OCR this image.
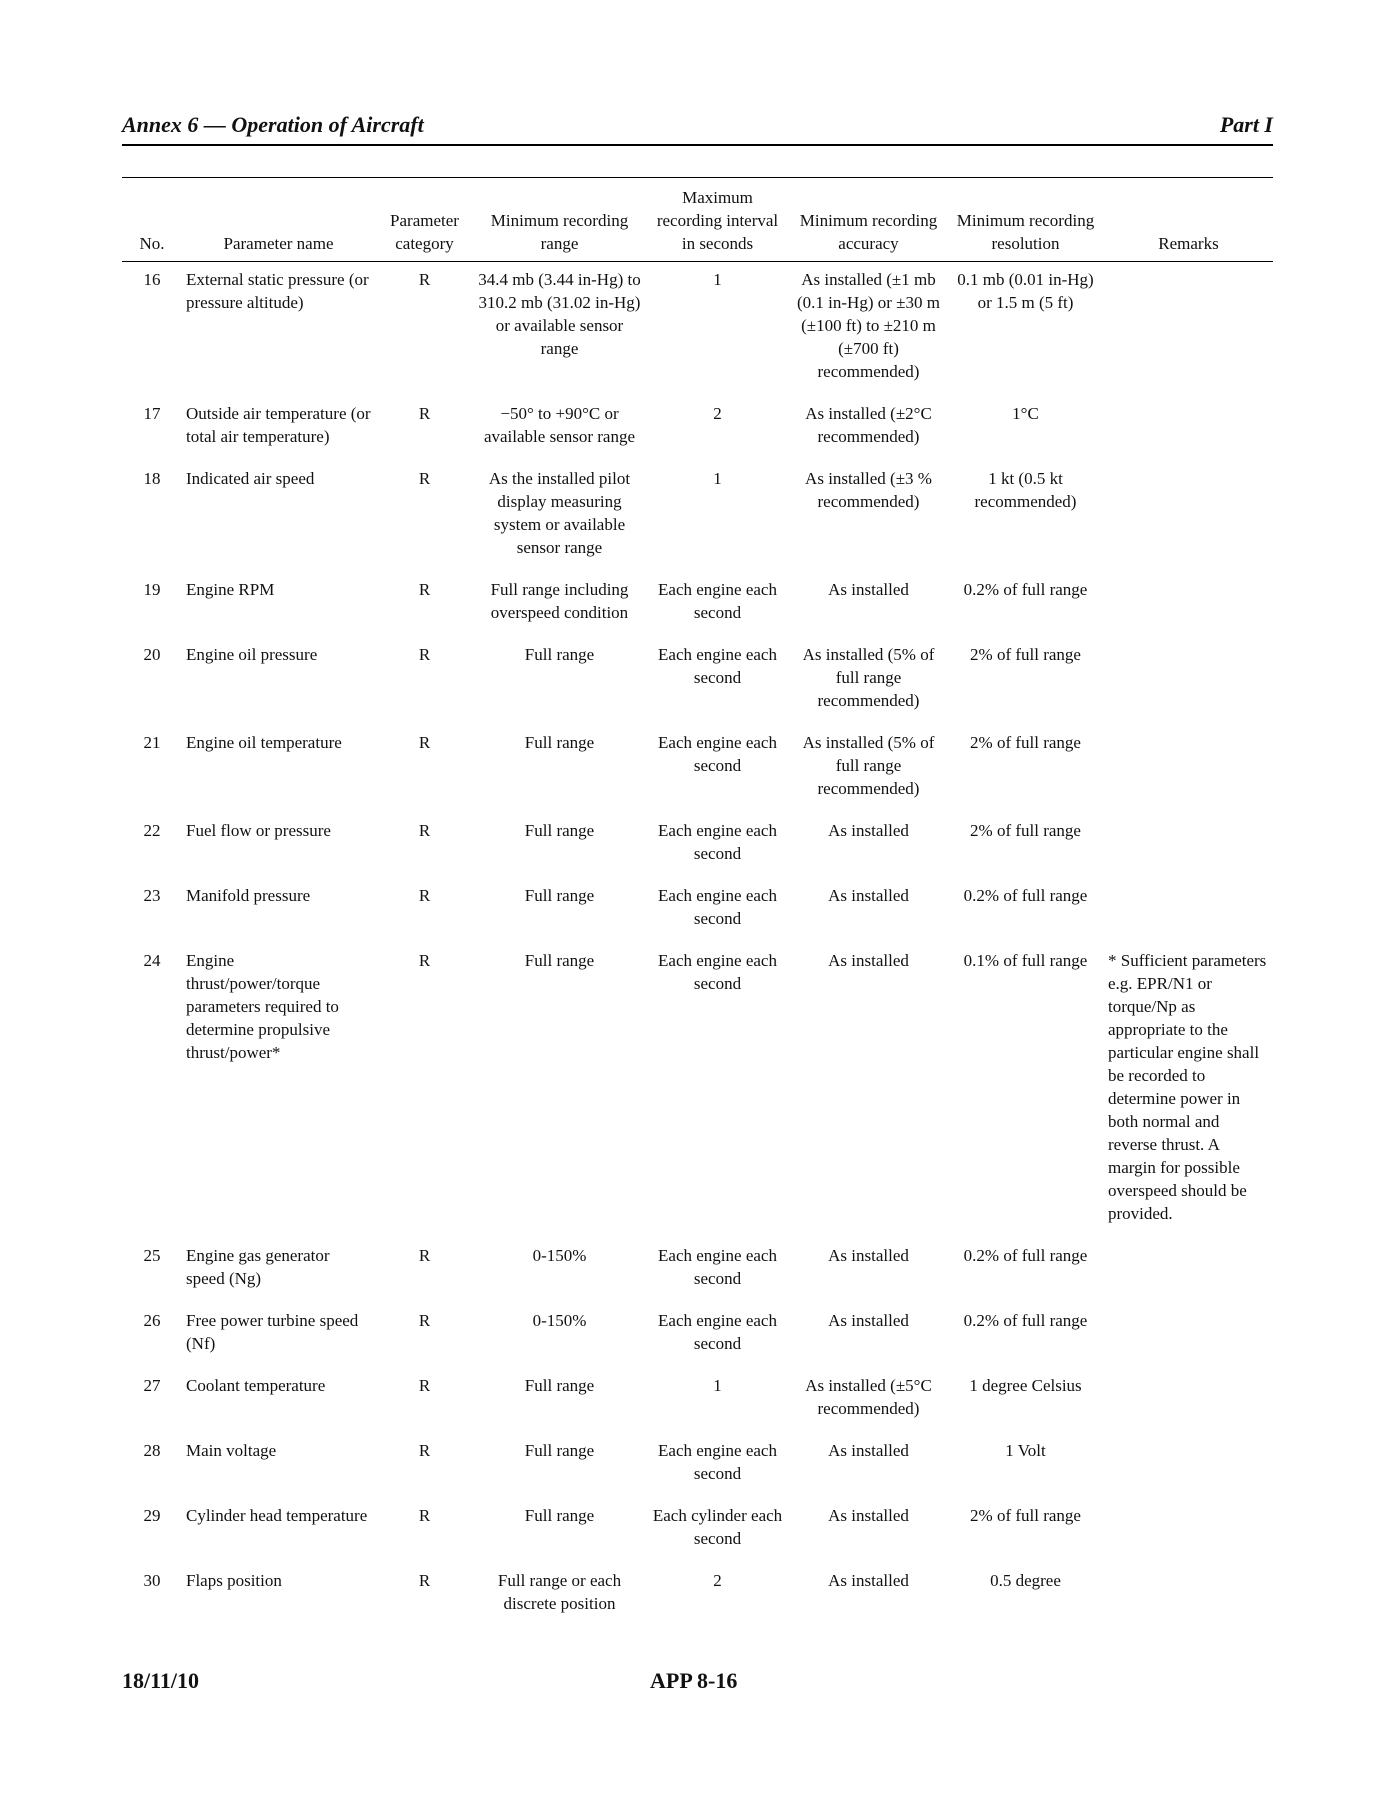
Annex 6 — Operation of Aircraft	Part I
No.	Parameter name	Parameter category	Minimum recording range	Maximum recording interval in seconds	Minimum recording accuracy	Minimum recording resolution	Remarks
16	External static pressure (or pressure altitude)	R	34.4 mb (3.44 in-Hg) to 310.2 mb (31.02 in-Hg) or available sensor range	1	As installed (±1 mb (0.1 in-Hg) or ±30 m (±100 ft) to ±210 m (±700 ft) recommended)	0.1 mb (0.01 in-Hg) or 1.5 m (5 ft)	
17	Outside air temperature (or total air temperature)	R	−50° to +90°C or available sensor range	2	As installed (±2°C recommended)	1°C	
18	Indicated air speed	R	As the installed pilot display measuring system or available sensor range	1	As installed (±3 % recommended)	1 kt (0.5 kt recommended)	
19	Engine RPM	R	Full range including overspeed condition	Each engine each second	As installed	0.2% of full range	
20	Engine oil pressure	R	Full range	Each engine each second	As installed (5% of full range recommended)	2% of full range	
21	Engine oil temperature	R	Full range	Each engine each second	As installed (5% of full range recommended)	2% of full range	
22	Fuel flow or pressure	R	Full range	Each engine each second	As installed	2% of full range	
23	Manifold pressure	R	Full range	Each engine each second	As installed	0.2% of full range	
24	Engine thrust/power/torque parameters required to determine propulsive thrust/power*	R	Full range	Each engine each second	As installed	0.1% of full range	* Sufficient parameters e.g. EPR/N1 or torque/Np as appropriate to the particular engine shall be recorded to determine power in both normal and reverse thrust. A margin for possible overspeed should be provided.
25	Engine gas generator speed (Ng)	R	0-150%	Each engine each second	As installed	0.2% of full range	
26	Free power turbine speed (Nf)	R	0-150%	Each engine each second	As installed	0.2% of full range	
27	Coolant temperature	R	Full range	1	As installed (±5°C recommended)	1 degree Celsius	
28	Main voltage	R	Full range	Each engine each second	As installed	1 Volt	
29	Cylinder head temperature	R	Full range	Each cylinder each second	As installed	2% of full range	
30	Flaps position	R	Full range or each discrete position	2	As installed	0.5 degree	
18/11/10	APP 8-16
